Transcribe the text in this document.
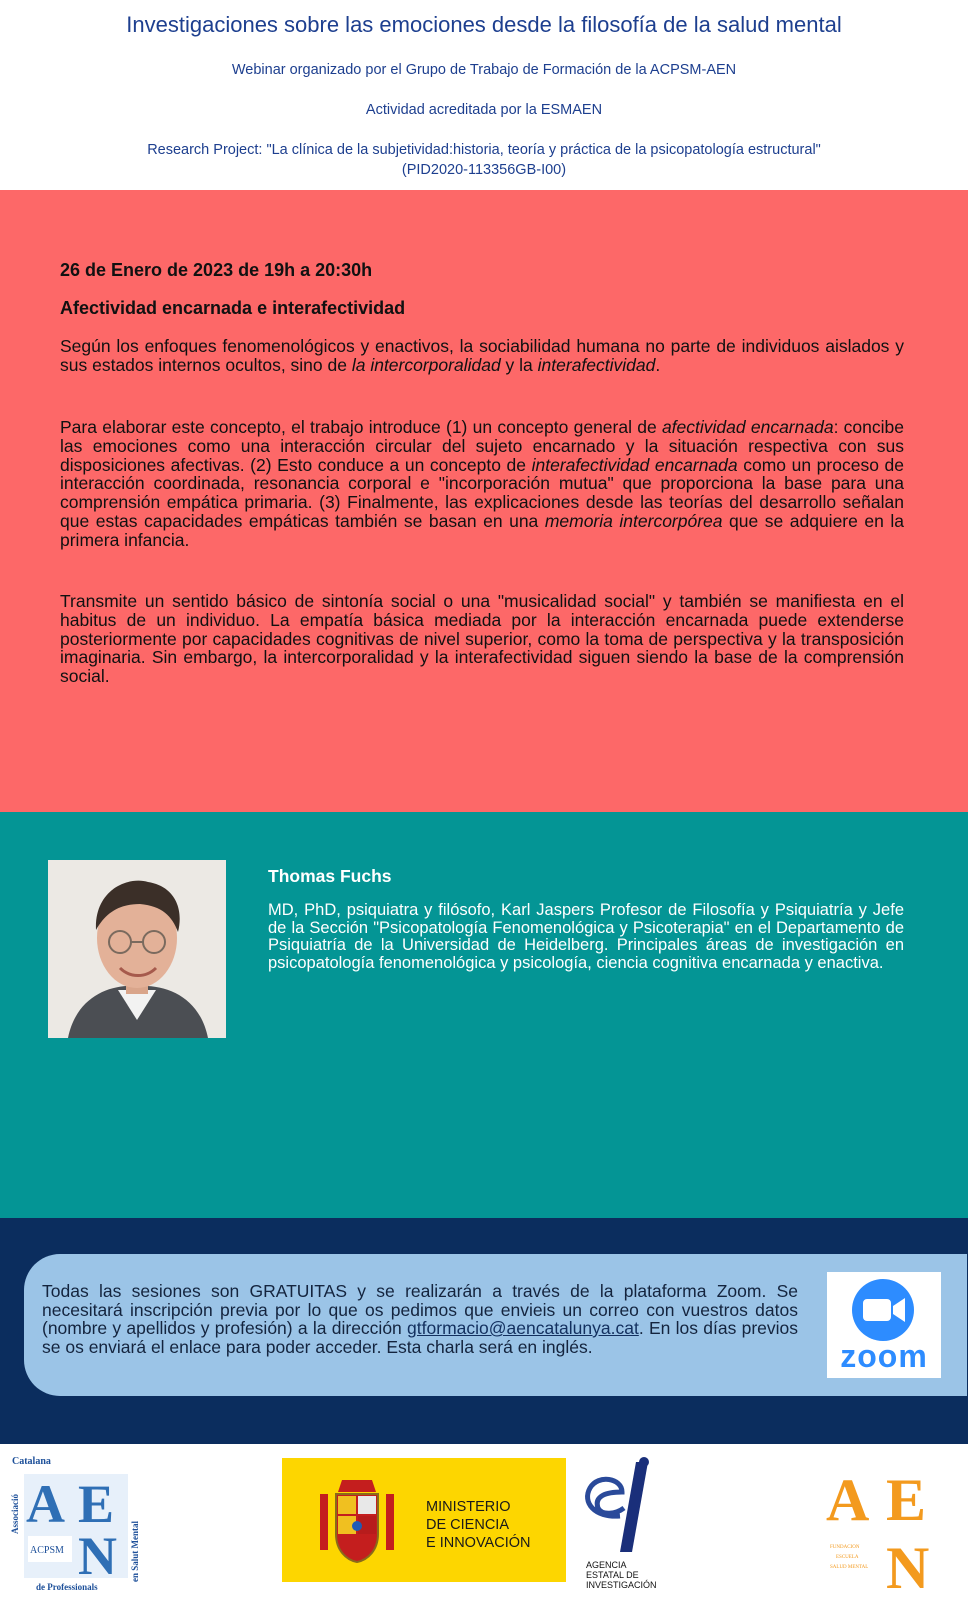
Investigaciones sobre las emociones desde la filosofía de la salud mental
Webinar organizado por el Grupo de Trabajo de Formación de la ACPSM-AEN
Actividad acreditada por la ESMAEN
Research Project: "La clínica de la subjetividad:historia, teoría y práctica de la psicopatología estructural"
(PID2020-113356GB-I00)
26 de Enero de 2023 de 19h a 20:30h
Afectividad encarnada e interafectividad
Según los enfoques fenomenológicos y enactivos, la sociabilidad humana no parte de individuos aislados y sus estados internos ocultos, sino de la intercorporalidad y la interafectividad.
Para elaborar este concepto, el trabajo introduce (1) un concepto general de afectividad encarnada: concibe las emociones como una interacción circular del sujeto encarnado y la situación respectiva con sus disposiciones afectivas. (2) Esto conduce a un concepto de interafectividad encarnada como un proceso de interacción coordinada, resonancia corporal e "incorporación mutua" que proporciona la base para una comprensión empática primaria. (3) Finalmente, las explicaciones desde las teorías del desarrollo señalan que estas capacidades empáticas también se basan en una memoria intercorpórea que se adquiere en la primera infancia.
Transmite un sentido básico de sintonía social o una "musicalidad social" y también se manifiesta en el habitus de un individuo. La empatía básica mediada por la interacción encarnada puede extenderse posteriormente por capacidades cognitivas de nivel superior, como la toma de perspectiva y la transposición imaginaria. Sin embargo, la intercorporalidad y la interafectividad siguen siendo la base de la comprensión social.
Thomas Fuchs
MD, PhD, psiquiatra y filósofo, Karl Jaspers Profesor de Filosofía y Psiquiatría y Jefe de la Sección "Psicopatología Fenomenológica y Psicoterapia" en el Departamento de Psiquiatría de la Universidad de Heidelberg. Principales áreas de investigación en psicopatología fenomenológica y psicología, ciencia cognitiva encarnada y enactiva.
Todas las sesiones son GRATUITAS y se realizarán a través de la plataforma Zoom. Se necesitará inscripción previa por lo que os pedimos que envieis un correo con vuestros datos (nombre y apellidos y profesión) a la dirección gtformacio@aencatalunya.cat. En los días previos se os enviará el enlace para poder acceder. Esta charla será en inglés.	zoom
Catalana
Associació A E
N
ACPSM	en Salut Mental
de Professionals
MINISTERIO
DE CIENCIA
E INNOVACIÓN
AGENCIA
ESTATAL DE
INVESTIGACIÓN
A E
N
FUNDACION
ESCUELA
SALUD MENTAL
